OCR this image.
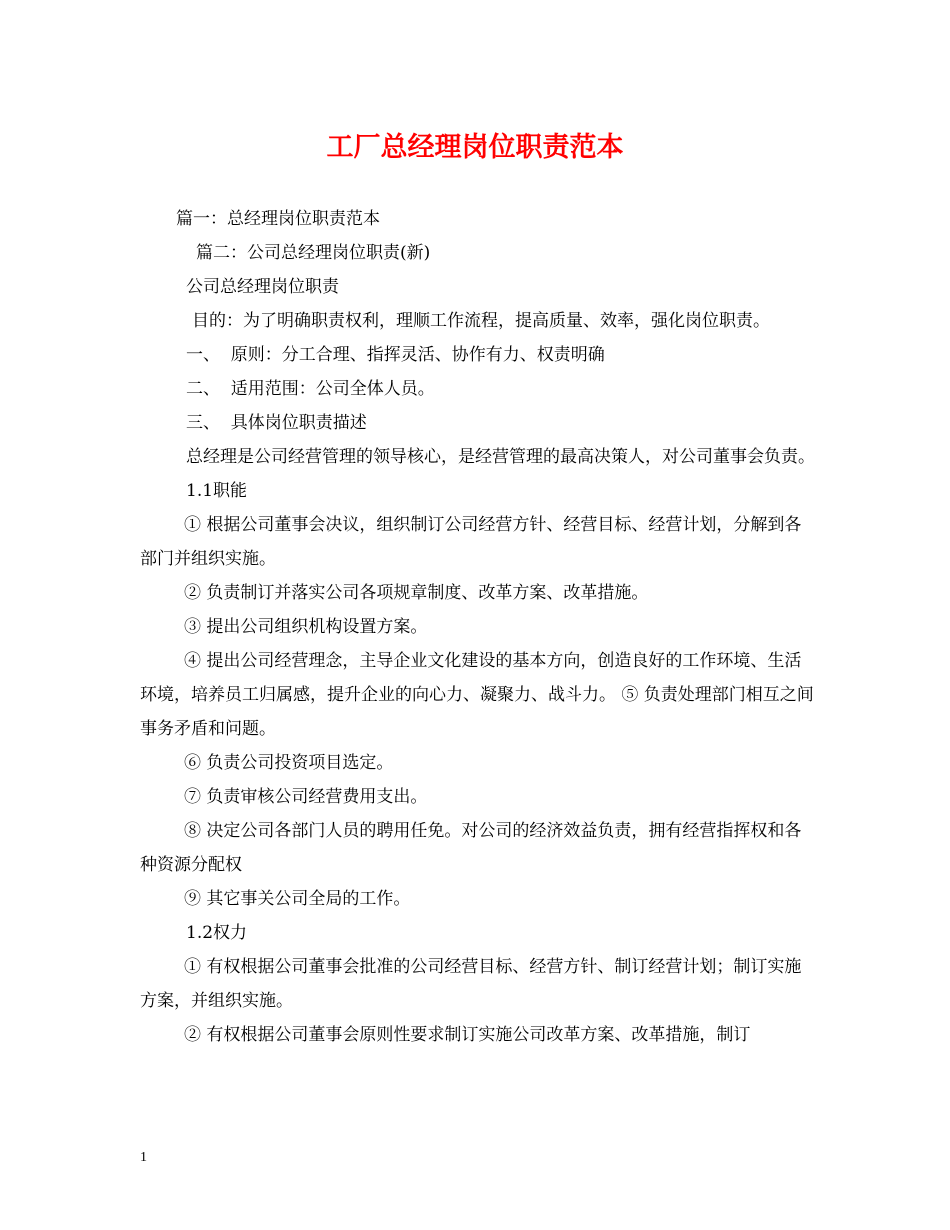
工厂总经理岗位职责范本

篇一：总经理岗位职责范本

篇二：公司总经理岗位职责(新)

公司总经理岗位职责

目的：为了明确职责权利，理顺工作流程，提高质量、效率，强化岗位职责。

一、  原则：分工合理、指挥灵活、协作有力、权责明确

二、  适用范围：公司全体人员。

三、  具体岗位职责描述

总经理是公司经营管理的领导核心，是经营管理的最高决策人，对公司董事会负责。

1.1职能

① 根据公司董事会决议，组织制订公司经营方针、经营目标、经营计划，分解到各部门并组织实施。

② 负责制订并落实公司各项规章制度、改革方案、改革措施。

③ 提出公司组织机构设置方案。

④ 提出公司经营理念，主导企业文化建设的基本方向，创造良好的工作环境、生活环境，培养员工归属感，提升企业的向心力、凝聚力、战斗力。 ⑤ 负责处理部门相互之间事务矛盾和问题。

⑥ 负责公司投资项目选定。

⑦ 负责审核公司经营费用支出。

⑧ 决定公司各部门人员的聘用任免。对公司的经济效益负责，拥有经营指挥权和各种资源分配权

⑨ 其它事关公司全局的工作。

1.2权力

① 有权根据公司董事会批准的公司经营目标、经营方针、制订经营计划；制订实施方案，并组织实施。

② 有权根据公司董事会原则性要求制订实施公司改革方案、改革措施，制订

1
